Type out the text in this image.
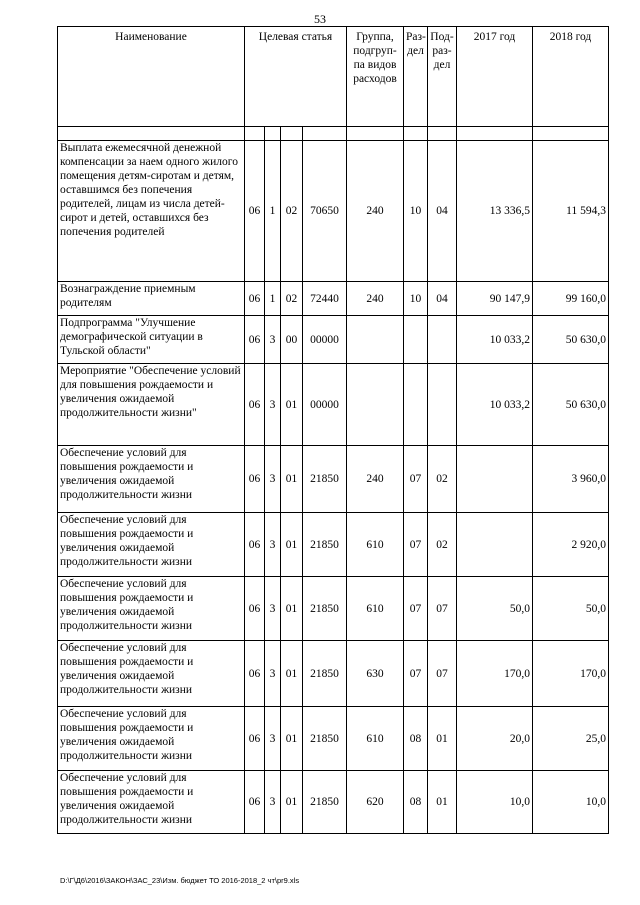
53
Наименование	Целевая статья				Группа, подгруп-па видов расходов	Раз-дел	Под-раз-дел	2017 год	2018 год

Выплата ежемесячной денежной компенсации за наем одного жилого помещения детям-сиротам и детям, оставшимся без попечения родителей, лицам из числа детей-сирот и детей, оставшихся без попечения родителей	06	1	02	70650	240	10	04	13 336,5	11 594,3
Вознаграждение приемным родителям	06	1	02	72440	240	10	04	90 147,9	99 160,0
Подпрограмма "Улучшение демографической ситуации в Тульской области"	06	3	00	00000				10 033,2	50 630,0
Мероприятие "Обеспечение условий для повышения рождаемости и увеличения ожидаемой продолжительности жизни"	06	3	01	00000				10 033,2	50 630,0
Обеспечение условий для повышения рождаемости и увеличения ожидаемой продолжительности жизни	06	3	01	21850	240	07	02		3 960,0
Обеспечение условий для повышения рождаемости и увеличения ожидаемой продолжительности жизни	06	3	01	21850	610	07	02		2 920,0
Обеспечение условий для повышения рождаемости и увеличения ожидаемой продолжительности жизни	06	3	01	21850	610	07	07	50,0	50,0
Обеспечение условий для повышения рождаемости и увеличения ожидаемой продолжительности жизни	06	3	01	21850	630	07	07	170,0	170,0
Обеспечение условий для повышения рождаемости и увеличения ожидаемой продолжительности жизни	06	3	01	21850	610	08	01	20,0	25,0
Обеспечение условий для повышения рождаемости и увеличения ожидаемой продолжительности жизни	06	3	01	21850	620	08	01	10,0	10,0
D:\Г\Д6\2016\ЗАКОН\ЗАС_23\Изм. бюджет ТО 2016-2018_2 чт\pr9.xls
